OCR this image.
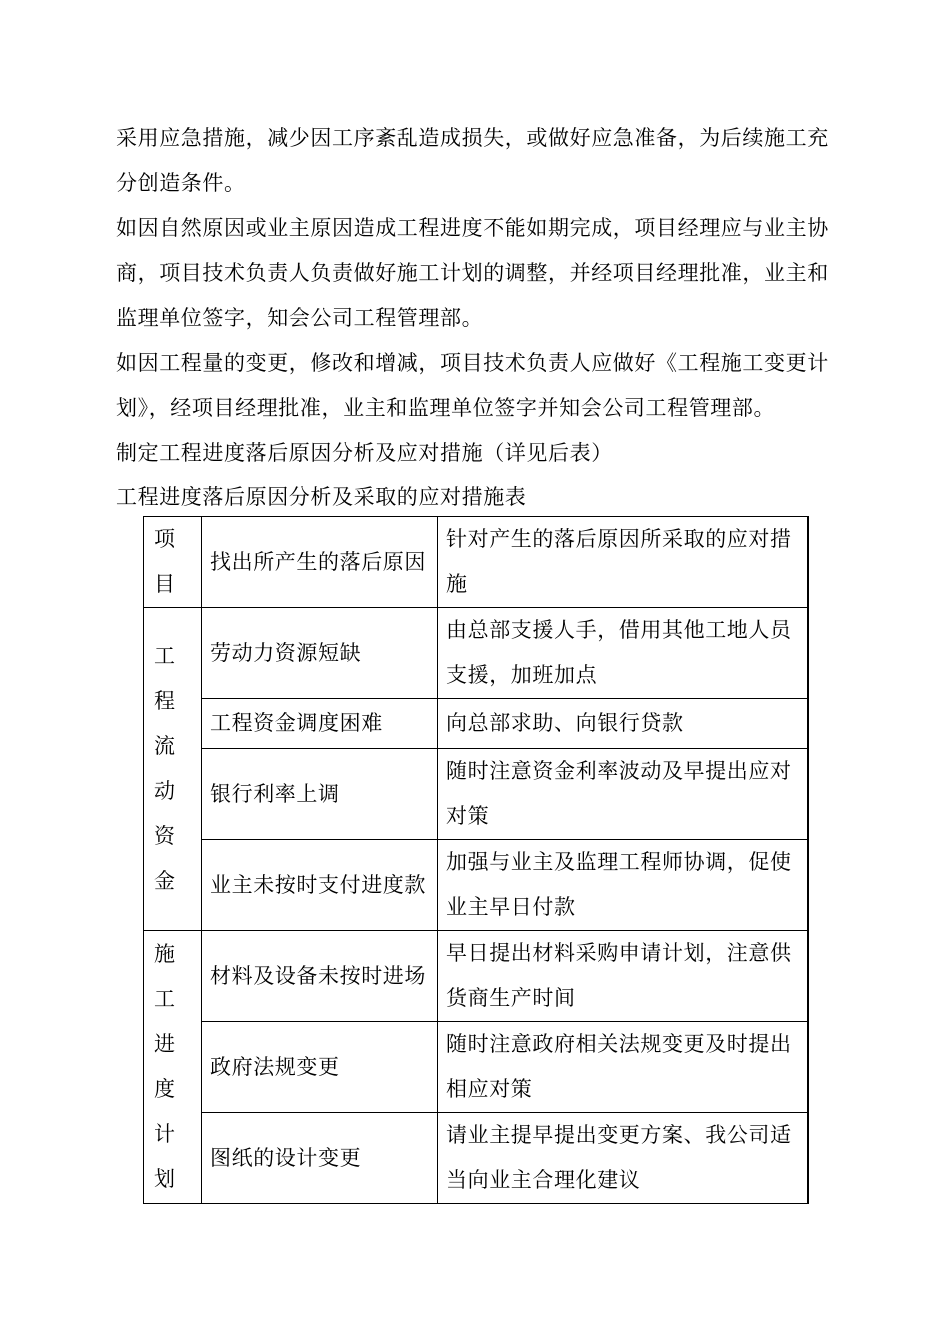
采用应急措施，减少因工序紊乱造成损失，或做好应急准备，为后续施工充分创造条件。

如因自然原因或业主原因造成工程进度不能如期完成，项目经理应与业主协商，项目技术负责人负责做好施工计划的调整，并经项目经理批准，业主和监理单位签字，知会公司工程管理部。

如因工程量的变更，修改和增减，项目技术负责人应做好《工程施工变更计划》，经项目经理批准，业主和监理单位签字并知会公司工程管理部。

制定工程进度落后原因分析及应对措施（详见后表）

工程进度落后原因分析及采取的应对措施表

项目	找出所产生的落后原因	针对产生的落后原因所采取的应对措施

工程流动资金	劳动力资源短缺	由总部支援人手，借用其他工地人员支援，加班加点
	工程资金调度困难	向总部求助、向银行贷款
	银行利率上调	随时注意资金利率波动及早提出应对对策
	业主未按时支付进度款	加强与业主及监理工程师协调，促使业主早日付款

施工进度计划	材料及设备未按时进场	早日提出材料采购申请计划，注意供货商生产时间
	政府法规变更	随时注意政府相关法规变更及时提出相应对策
	图纸的设计变更	请业主提早提出变更方案、我公司适当向业主合理化建议
